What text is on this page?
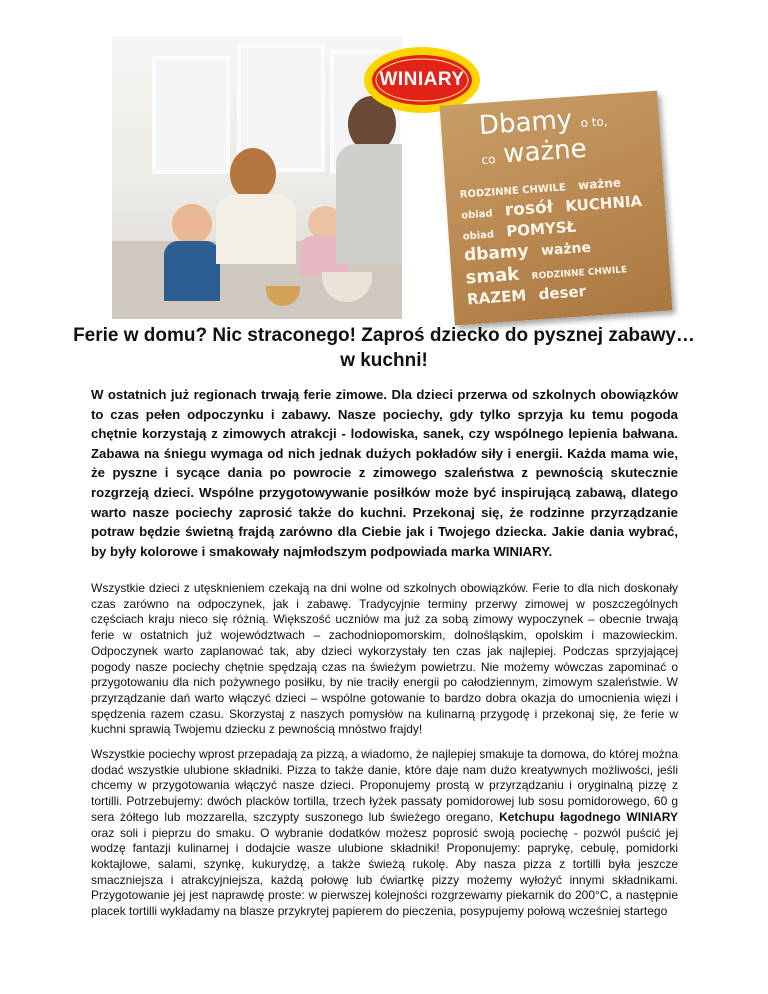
WINIARY
Dbamy o to,
co ważne
RODZINNE CHWILE ważne obiad rosół KUCHNIA obiad POMYSŁ dbamy ważne smak RODZINNE CHWILE RAZEM deser
Ferie w domu? Nic straconego! Zaproś dziecko do pysznej zabawy… w kuchni!

W ostatnich już regionach trwają ferie zimowe. Dla dzieci przerwa od szkolnych obowiązków to czas pełen odpoczynku i zabawy. Nasze pociechy, gdy tylko sprzyja ku temu pogoda chętnie korzystają z zimowych atrakcji - lodowiska, sanek, czy wspólnego lepienia bałwana. Zabawa na śniegu wymaga od nich jednak dużych pokładów siły i energii. Każda mama wie, że pyszne i sycące dania po powrocie z zimowego szaleństwa z pewnością skutecznie rozgrzeją dzieci. Wspólne przygotowywanie posiłków może być inspirującą zabawą, dlatego warto nasze pociechy zaprosić także do kuchni. Przekonaj się, że rodzinne przyrządzanie potraw będzie świetną frajdą zarówno dla Ciebie jak i Twojego dziecka. Jakie dania wybrać, by były kolorowe i smakowały najmłodszym podpowiada marka WINIARY.

Wszystkie dzieci z utęsknieniem czekają na dni wolne od szkolnych obowiązków. Ferie to dla nich doskonały czas zarówno na odpoczynek, jak i zabawę. Tradycyjnie terminy przerwy zimowej w poszczególnych częściach kraju nieco się różnią. Większość uczniów ma już za sobą zimowy wypoczynek – obecnie trwają ferie w ostatnich już województwach – zachodniopomorskim, dolnośląskim, opolskim i mazowieckim. Odpoczynek warto zaplanować tak, aby dzieci wykorzystały ten czas jak najlepiej. Podczas sprzyjającej pogody nasze pociechy chętnie spędzają czas na świeżym powietrzu. Nie możemy wówczas zapominać o przygotowaniu dla nich pożywnego posiłku, by nie traciły energii po całodziennym, zimowym szaleństwie. W przyrządzanie dań warto włączyć dzieci – wspólne gotowanie to bardzo dobra okazja do umocnienia więzi i spędzenia razem czasu. Skorzystaj z naszych pomysłów na kulinarną przygodę i przekonaj się, że ferie w kuchni sprawią Twojemu dziecku z pewnością mnóstwo frajdy!

Wszystkie pociechy wprost przepadają za pizzą, a wiadomo, że najlepiej smakuje ta domowa, do której można dodać wszystkie ulubione składniki. Pizza to także danie, które daje nam dużo kreatywnych możliwości, jeśli chcemy w przygotowania włączyć nasze dzieci. Proponujemy prostą w przyrządzaniu i oryginalną pizzę z tortilli. Potrzebujemy: dwóch placków tortilla, trzech łyżek passaty pomidorowej lub sosu pomidorowego, 60 g sera żółtego lub mozzarella, szczypty suszonego lub świeżego oregano, Ketchupu łagodnego WINIARY oraz soli i pieprzu do smaku. O wybranie dodatków możesz poprosić swoją pociechę - pozwól puścić jej wodzę fantazji kulinarnej i dodajcie wasze ulubione składniki! Proponujemy: paprykę, cebulę, pomidorki koktajlowe, salami, szynkę, kukurydzę, a także świeżą rukolę. Aby nasza pizza z tortilli była jeszcze smaczniejsza i atrakcyjniejsza, każdą połowę lub ćwiartkę pizzy możemy wyłożyć innymi składnikami. Przygotowanie jej jest naprawdę proste: w pierwszej kolejności rozgrzewamy piekarnik do 200°C, a następnie placek tortilli wykładamy na blasze przykrytej papierem do pieczenia, posypujemy połową wcześniej startego
